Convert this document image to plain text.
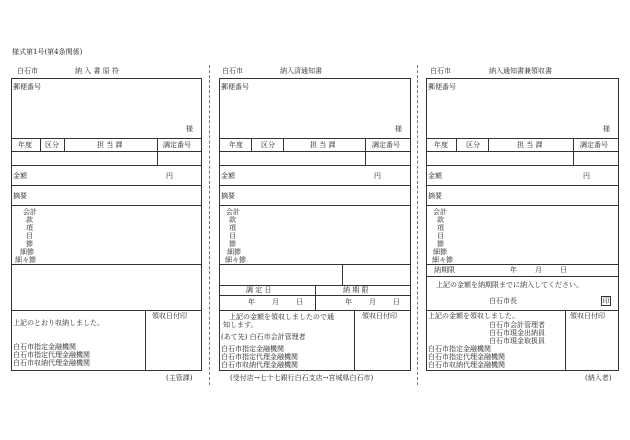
様式第1号(第4条関係)
白石市	納 入 書 原 符
郵便番号
様
年度 区分	担 当 課	調定番号
金額	円
摘要
会計
款
項
目
節
細節
細々節
上記のとおり収納しました。
領収日付印
白石市指定金融機関
白石市指定代理金融機関
白石市収納代理金融機関
(主管課)
白石市	納入済通知書
郵便番号
様
年度	区分	担 当 課	調定番号
金額	円
摘要
会計
款
項
目
節
細節
細々節
調 定 日	納 期 限
年 月 日	年 月 日
上記の金額を領収しましたので通
知します。
(あて先) 白石市会計管理者
領収日付印
白石市指定金融機関
白石市指定代理金融機関
白石市収納代理金融機関
(受付店→七十七銀行白石支店→宮城県白石市)
白石市	納入通知書兼領収書
郵便番号
様
年度	区分	担 当 課	調定番号
金額	円
摘要
会計
款
項
目
節
細節
細々節
納期限	年	月	日
上記の金額を納期限までに納入してください。
白石市長	印
上記の金額を領収しました。
白石市会計管理者
白石市現金出納員
白石市現金取扱員
領収日付印
白石市指定金融機関
白石市指定代理金融機関
白石市収納代理金融機関
(納入者)
